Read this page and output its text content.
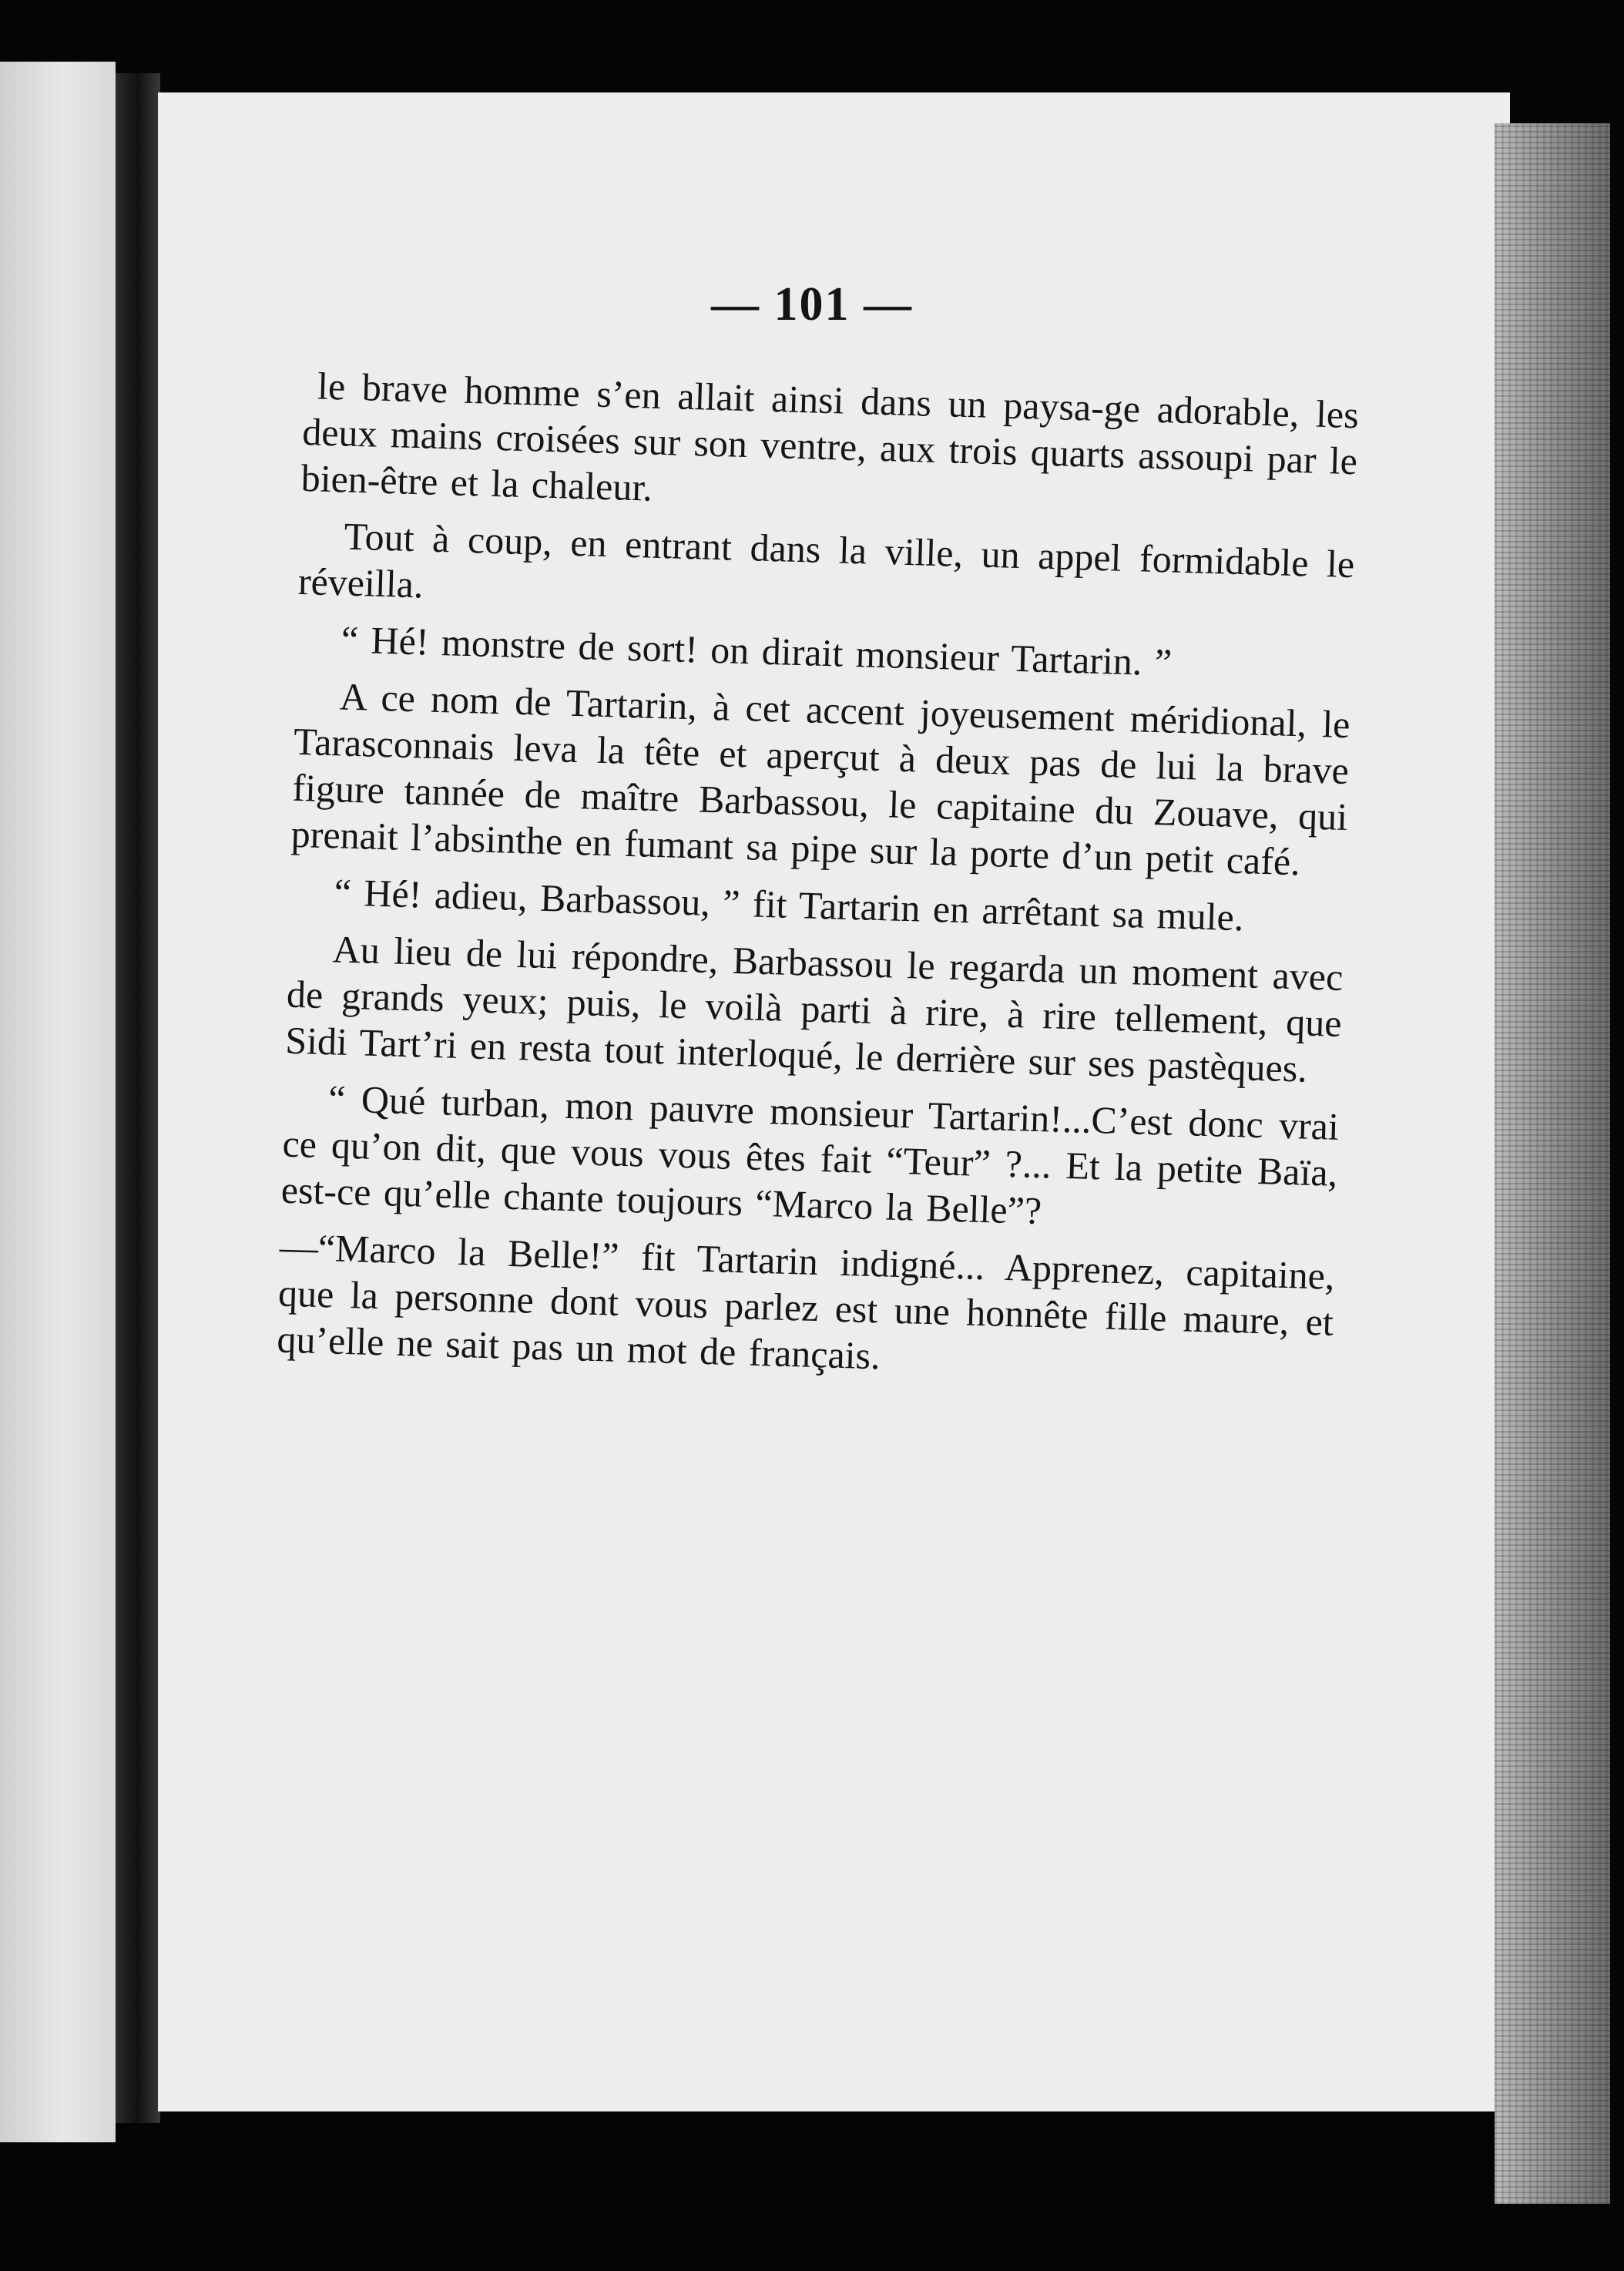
— 101 —

le brave homme s’en allait ainsi dans un paysa-ge adorable, les deux mains croisées sur son ventre, aux trois quarts assoupi par le bien-être et la chaleur.

Tout à coup, en entrant dans la ville, un appel formidable le réveilla.

“ Hé! monstre de sort! on dirait monsieur Tartarin. ”

A ce nom de Tartarin, à cet accent joyeusement méridional, le Tarasconnais leva la tête et aperçut à deux pas de lui la brave figure tannée de maître Barbassou, le capitaine du Zouave, qui prenait l’absinthe en fumant sa pipe sur la porte d’un petit café.

“ Hé! adieu, Barbassou, ” fit Tartarin en arrêtant sa mule.

Au lieu de lui répondre, Barbassou le regarda un moment avec de grands yeux; puis, le voilà parti à rire, à rire tellement, que Sidi Tart’ri en resta tout interloqué, le derrière sur ses pastèques.

“ Qué turban, mon pauvre monsieur Tartarin!...C’est donc vrai ce qu’on dit, que vous vous êtes fait “Teur” ?... Et la petite Baïa, est-ce qu’elle chante toujours “Marco la Belle”?

—“Marco la Belle!” fit Tartarin indigné... Apprenez, capitaine, que la personne dont vous parlez est une honnête fille maure, et qu’elle ne sait pas un mot de français.
